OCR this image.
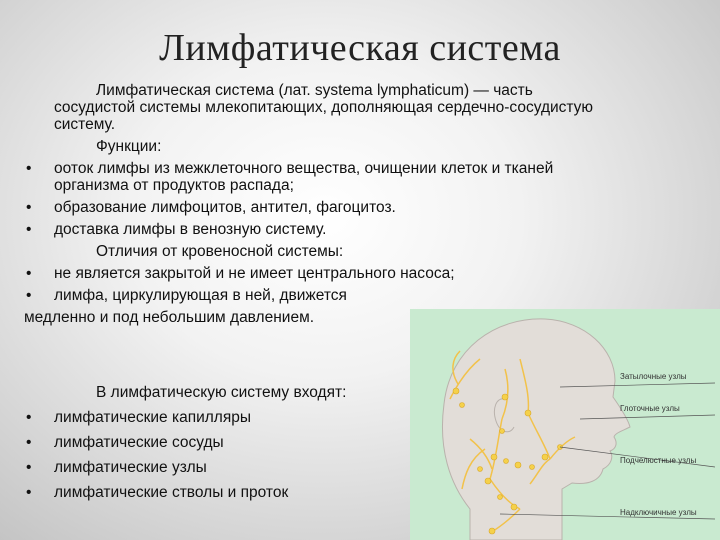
Лимфатическая система

Лимфатическая система (лат. systema lymphaticum) — часть

сосудистой системы млекопитающих, дополняющая сердечно-сосудистую

систему.

Функции:

• ооток лимфы из межклеточного вещества, очищении клеток и тканей
организма от продуктов распада;
• образование лимфоцитов, антител, фагоцитоз.
• доставка лимфы в венозную систему.

Отличия от кровеносной системы:

• не является закрытой и не имеет центрального насоса;
• лимфа, циркулирующая в ней, движется
медленно и под небольшим давлением.

В лимфатическую систему входят:

• лимфатические капилляры
• лимфатические сосуды
• лимфатические узлы
• лимфатические стволы и проток
Затылочные узлы
Глоточные узлы
Подчелюстные узлы
Надключичные узлы
